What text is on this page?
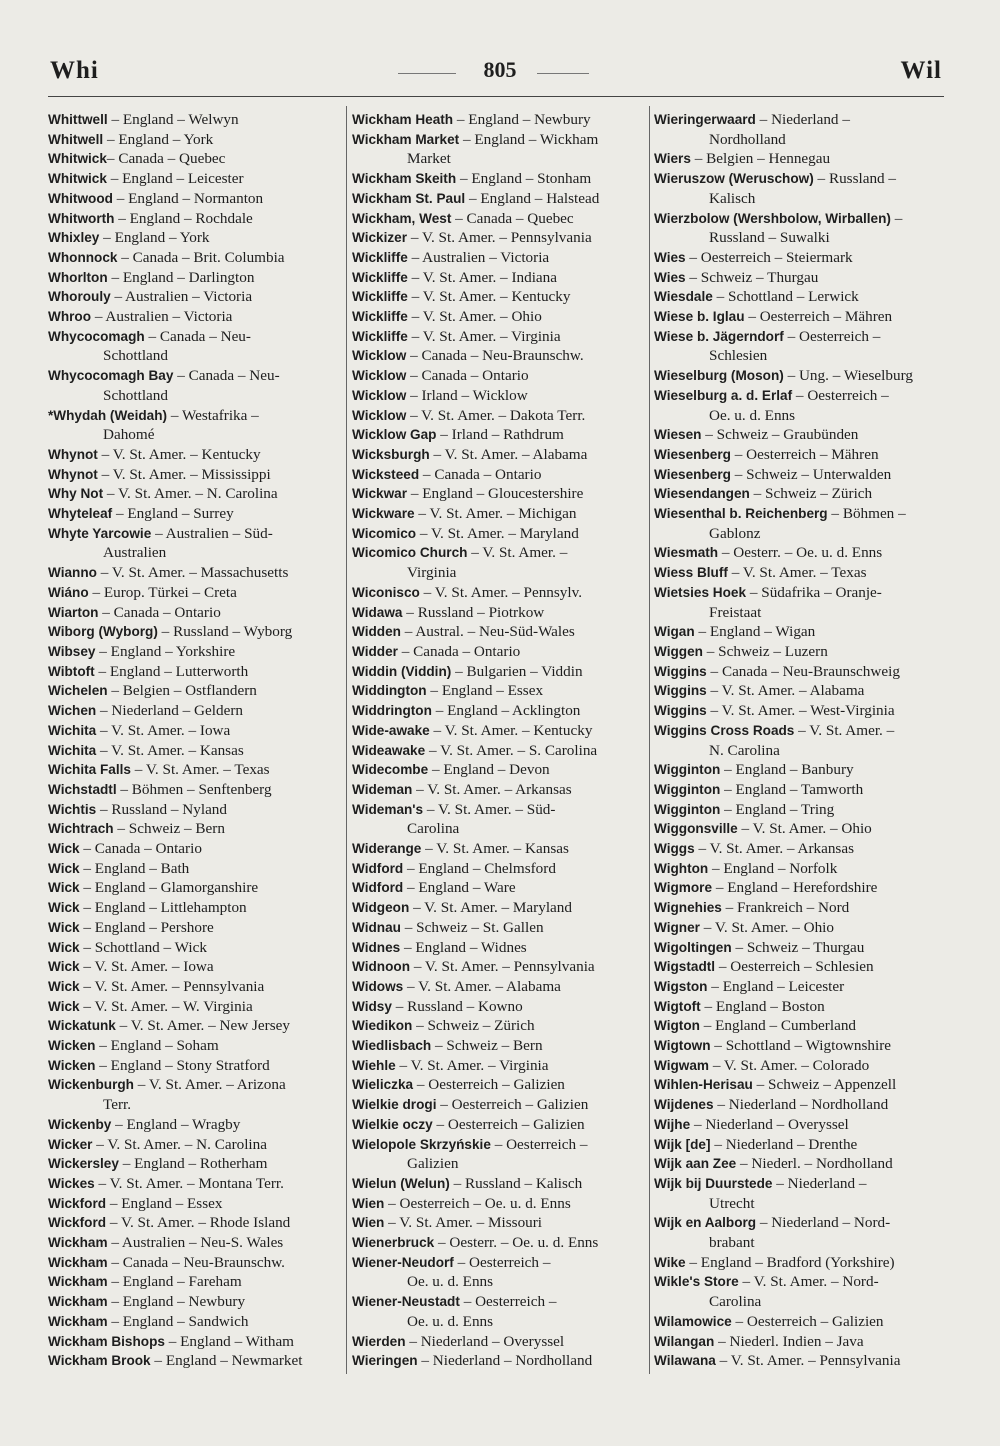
Whi	805	Wil
Whittwell – England – Welwyn
Whitwell – England – York
Whitwick– Canada – Quebec
Whitwick – England – Leicester
Whitwood – England – Normanton
Whitworth – England – Rochdale
Whixley – England – York
Whonnock – Canada – Brit. Columbia
Whorlton – England – Darlington
Whorouly – Australien – Victoria
Whroo – Australien – Victoria
Whycocomagh – Canada – Neu-
Schottland
Whycocomagh Bay – Canada – Neu-
Schottland
*Whydah (Weidah) – Westafrika –
Dahomé
Whynot – V. St. Amer. – Kentucky
Whynot – V. St. Amer. – Mississippi
Why Not – V. St. Amer. – N. Carolina
Whyteleaf – England – Surrey
Whyte Yarcowie – Australien – Süd-
Australien
Wianno – V. St. Amer. – Massachusetts
Wiáno – Europ. Türkei – Creta
Wiarton – Canada – Ontario
Wiborg (Wyborg) – Russland – Wyborg
Wibsey – England – Yorkshire
Wibtoft – England – Lutterworth
Wichelen – Belgien – Ostflandern
Wichen – Niederland – Geldern
Wichita – V. St. Amer. – Iowa
Wichita – V. St. Amer. – Kansas
Wichita Falls – V. St. Amer. – Texas
Wichstadtl – Böhmen – Senftenberg
Wichtis – Russland – Nyland
Wichtrach – Schweiz – Bern
Wick – Canada – Ontario
Wick – England – Bath
Wick – England – Glamorganshire
Wick – England – Littlehampton
Wick – England – Pershore
Wick – Schottland – Wick
Wick – V. St. Amer. – Iowa
Wick – V. St. Amer. – Pennsylvania
Wick – V. St. Amer. – W. Virginia
Wickatunk – V. St. Amer. – New Jersey
Wicken – England – Soham
Wicken – England – Stony Stratford
Wickenburgh – V. St. Amer. – Arizona
Terr.
Wickenby – England – Wragby
Wicker – V. St. Amer. – N. Carolina
Wickersley – England – Rotherham
Wickes – V. St. Amer. – Montana Terr.
Wickford – England – Essex
Wickford – V. St. Amer. – Rhode Island
Wickham – Australien – Neu-S. Wales
Wickham – Canada – Neu-Braunschw.
Wickham – England – Fareham
Wickham – England – Newbury
Wickham – England – Sandwich
Wickham Bishops – England – Witham
Wickham Brook – England – Newmarket
Wickham Heath – England – Newbury
Wickham Market – England – Wickham
Market
Wickham Skeith – England – Stonham
Wickham St. Paul – England – Halstead
Wickham, West – Canada – Quebec
Wickizer – V. St. Amer. – Pennsylvania
Wickliffe – Australien – Victoria
Wickliffe – V. St. Amer. – Indiana
Wickliffe – V. St. Amer. – Kentucky
Wickliffe – V. St. Amer. – Ohio
Wickliffe – V. St. Amer. – Virginia
Wicklow – Canada – Neu-Braunschw.
Wicklow – Canada – Ontario
Wicklow – Irland – Wicklow
Wicklow – V. St. Amer. – Dakota Terr.
Wicklow Gap – Irland – Rathdrum
Wicksburgh – V. St. Amer. – Alabama
Wicksteed – Canada – Ontario
Wickwar – England – Gloucestershire
Wickware – V. St. Amer. – Michigan
Wicomico – V. St. Amer. – Maryland
Wicomico Church – V. St. Amer. –
Virginia
Wiconisco – V. St. Amer. – Pennsylv.
Widawa – Russland – Piotrkow
Widden – Austral. – Neu-Süd-Wales
Widder – Canada – Ontario
Widdin (Viddin) – Bulgarien – Viddin
Widdington – England – Essex
Widdrington – England – Acklington
Wide-awake – V. St. Amer. – Kentucky
Wideawake – V. St. Amer. – S. Carolina
Widecombe – England – Devon
Wideman – V. St. Amer. – Arkansas
Wideman's – V. St. Amer. – Süd-
Carolina
Widerange – V. St. Amer. – Kansas
Widford – England – Chelmsford
Widford – England – Ware
Widgeon – V. St. Amer. – Maryland
Widnau – Schweiz – St. Gallen
Widnes – England – Widnes
Widnoon – V. St. Amer. – Pennsylvania
Widows – V. St. Amer. – Alabama
Widsy – Russland – Kowno
Wiedikon – Schweiz – Zürich
Wiedlisbach – Schweiz – Bern
Wiehle – V. St. Amer. – Virginia
Wieliczka – Oesterreich – Galizien
Wielkie drogi – Oesterreich – Galizien
Wielkie oczy – Oesterreich – Galizien
Wielopole Skrzyńskie – Oesterreich –
Galizien
Wielun (Welun) – Russland – Kalisch
Wien – Oesterreich – Oe. u. d. Enns
Wien – V. St. Amer. – Missouri
Wienerbruck – Oesterr. – Oe. u. d. Enns
Wiener-Neudorf – Oesterreich –
Oe. u. d. Enns
Wiener-Neustadt – Oesterreich –
Oe. u. d. Enns
Wierden – Niederland – Overyssel
Wieringen – Niederland – Nordholland
Wieringerwaard – Niederland –
Nordholland
Wiers – Belgien – Hennegau
Wieruszow (Weruschow) – Russland –
Kalisch
Wierzbolow (Wershbolow, Wirballen) –
Russland – Suwalki
Wies – Oesterreich – Steiermark
Wies – Schweiz – Thurgau
Wiesdale – Schottland – Lerwick
Wiese b. Iglau – Oesterreich – Mähren
Wiese b. Jägerndorf – Oesterreich –
Schlesien
Wieselburg (Moson) – Ung. – Wieselburg
Wieselburg a. d. Erlaf – Oesterreich –
Oe. u. d. Enns
Wiesen – Schweiz – Graubünden
Wiesenberg – Oesterreich – Mähren
Wiesenberg – Schweiz – Unterwalden
Wiesendangen – Schweiz – Zürich
Wiesenthal b. Reichenberg – Böhmen –
Gablonz
Wiesmath – Oesterr. – Oe. u. d. Enns
Wiess Bluff – V. St. Amer. – Texas
Wietsies Hoek – Südafrika – Oranje-
Freistaat
Wigan – England – Wigan
Wiggen – Schweiz – Luzern
Wiggins – Canada – Neu-Braunschweig
Wiggins – V. St. Amer. – Alabama
Wiggins – V. St. Amer. – West-Virginia
Wiggins Cross Roads – V. St. Amer. –
N. Carolina
Wigginton – England – Banbury
Wigginton – England – Tamworth
Wigginton – England – Tring
Wiggonsville – V. St. Amer. – Ohio
Wiggs – V. St. Amer. – Arkansas
Wighton – England – Norfolk
Wigmore – England – Herefordshire
Wignehies – Frankreich – Nord
Wigner – V. St. Amer. – Ohio
Wigoltingen – Schweiz – Thurgau
Wigstadtl – Oesterreich – Schlesien
Wigston – England – Leicester
Wigtoft – England – Boston
Wigton – England – Cumberland
Wigtown – Schottland – Wigtownshire
Wigwam – V. St. Amer. – Colorado
Wihlen-Herisau – Schweiz – Appenzell
Wijdenes – Niederland – Nordholland
Wijhe – Niederland – Overyssel
Wijk [de] – Niederland – Drenthe
Wijk aan Zee – Niederl. – Nordholland
Wijk bij Duurstede – Niederland –
Utrecht
Wijk en Aalborg – Niederland – Nord-
brabant
Wike – England – Bradford (Yorkshire)
Wikle's Store – V. St. Amer. – Nord-
Carolina
Wilamowice – Oesterreich – Galizien
Wilangan – Niederl. Indien – Java
Wilawana – V. St. Amer. – Pennsylvania
